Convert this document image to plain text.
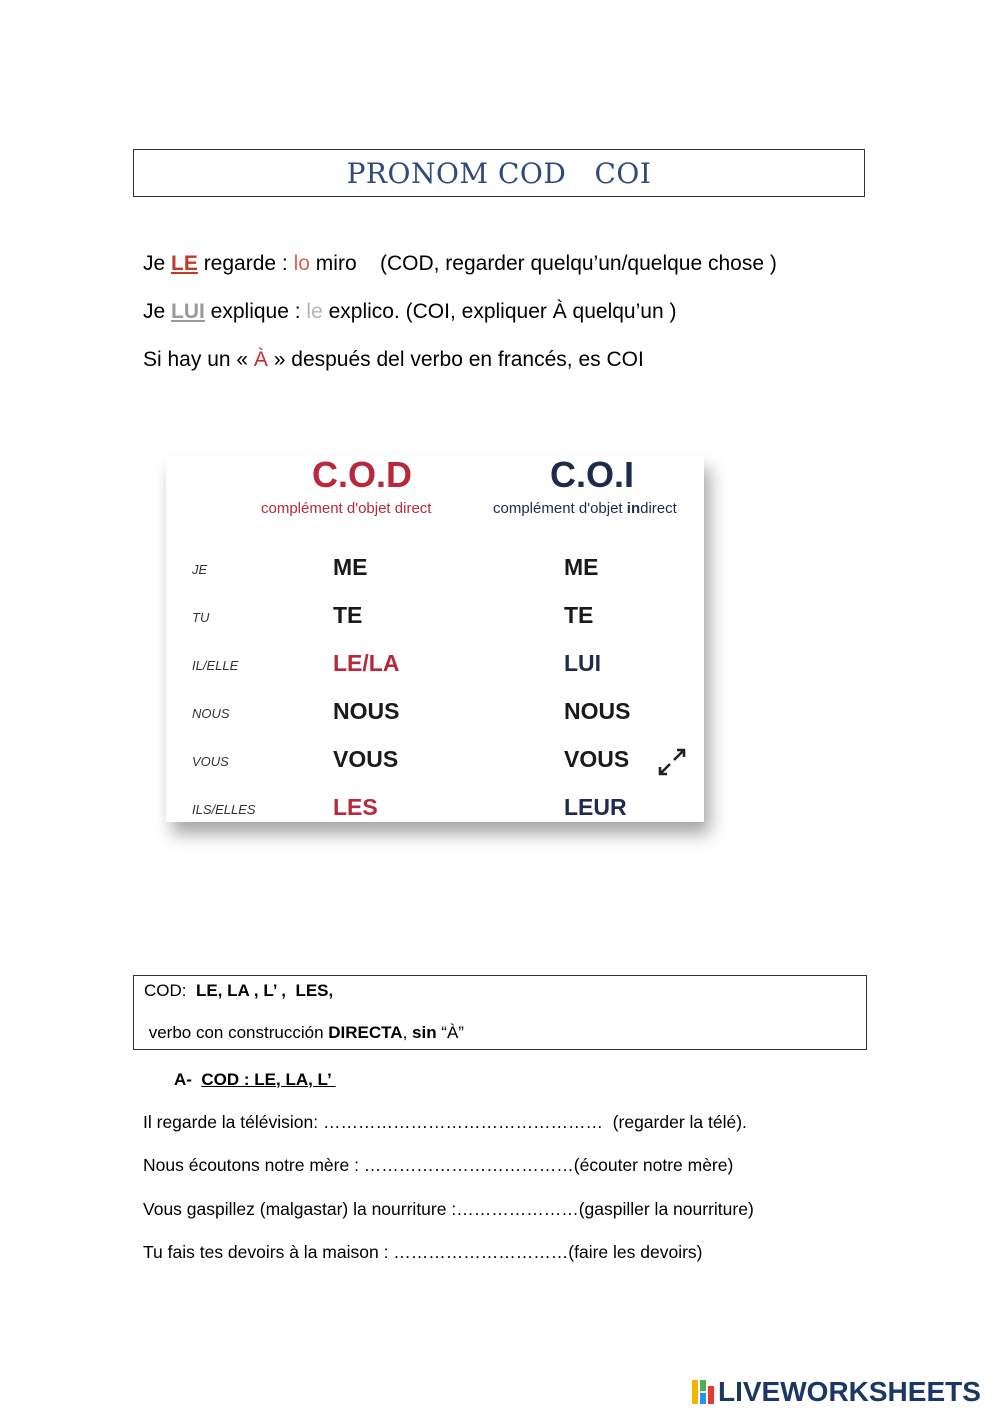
PRONOM COD   COI
Je LE regarde : lo miro    (COD, regarder quelqu’un/quelque chose )
Je LUI explique : le explico. (COI, expliquer À quelqu’un )
Si hay un « À » después del verbo en francés, es COI
C.O.D
complément d'objet direct
C.O.I
complément d'objet indirect
JE	ME	ME
TU	TE	TE
IL/ELLE	LE/LA	LUI
NOUS	NOUS	NOUS
VOUS	VOUS	VOUS
ILS/ELLES	LES	LEUR
COD:  LE, LA , L’ ,  LES,
verbo con construcción DIRECTA, sin “À”
A-  COD : LE, LA, L’
Il regarde la télévision: …………………………………………  (regarder la télé).
Nous écoutons notre mère : ………………………………(écouter notre mère)
Vous gaspillez (malgastar) la nourriture :…………………(gaspiller la nourriture)
Tu fais tes devoirs à la maison : …………………………(faire les devoirs)
LIVEWORKSHEETS
